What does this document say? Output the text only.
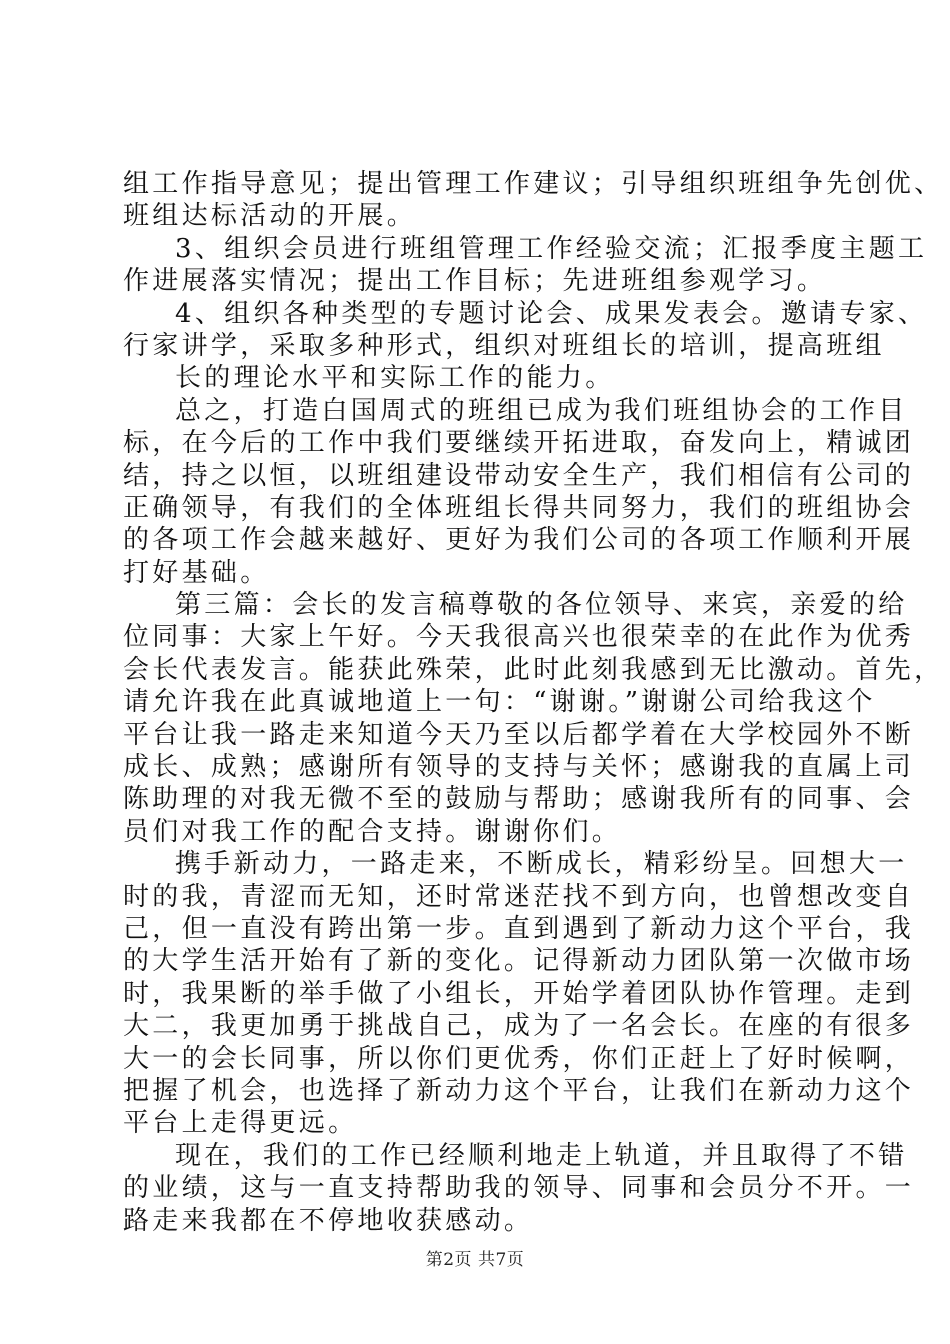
组工作指导意见；提出管理工作建议；引导组织班组争先创优、
班组达标活动的开展。
3、组织会员进行班组管理工作经验交流；汇报季度主题工
作进展落实情况；提出工作目标；先进班组参观学习。
4、组织各种类型的专题讨论会、成果发表会。邀请专家、
行家讲学，采取多种形式，组织对班组长的培训，提高班组
长的理论水平和实际工作的能力。
总之，打造白国周式的班组已成为我们班组协会的工作目
标，在今后的工作中我们要继续开拓进取，奋发向上，精诚团
结，持之以恒，以班组建设带动安全生产，我们相信有公司的
正确领导，有我们的全体班组长得共同努力，我们的班组协会
的各项工作会越来越好、更好为我们公司的各项工作顺利开展
打好基础。
第三篇：会长的发言稿尊敬的各位领导、来宾，亲爱的给
位同事：大家上午好。今天我很高兴也很荣幸的在此作为优秀
会长代表发言。能获此殊荣，此时此刻我感到无比激动。首先，
请允许我在此真诚地道上一句：“谢谢。”谢谢公司给我这个
平台让我一路走来知道今天乃至以后都学着在大学校园外不断
成长、成熟；感谢所有领导的支持与关怀；感谢我的直属上司
陈助理的对我无微不至的鼓励与帮助；感谢我所有的同事、会
员们对我工作的配合支持。谢谢你们。
携手新动力，一路走来，不断成长，精彩纷呈。回想大一
时的我，青涩而无知，还时常迷茫找不到方向，也曾想改变自
己，但一直没有跨出第一步。直到遇到了新动力这个平台，我
的大学生活开始有了新的变化。记得新动力团队第一次做市场
时，我果断的举手做了小组长，开始学着团队协作管理。走到
大二，我更加勇于挑战自己，成为了一名会长。在座的有很多
大一的会长同事，所以你们更优秀，你们正赶上了好时候啊，
把握了机会，也选择了新动力这个平台，让我们在新动力这个
平台上走得更远。
现在，我们的工作已经顺利地走上轨道，并且取得了不错
的业绩，这与一直支持帮助我的领导、同事和会员分不开。一
路走来我都在不停地收获感动。
第2页 共7页
